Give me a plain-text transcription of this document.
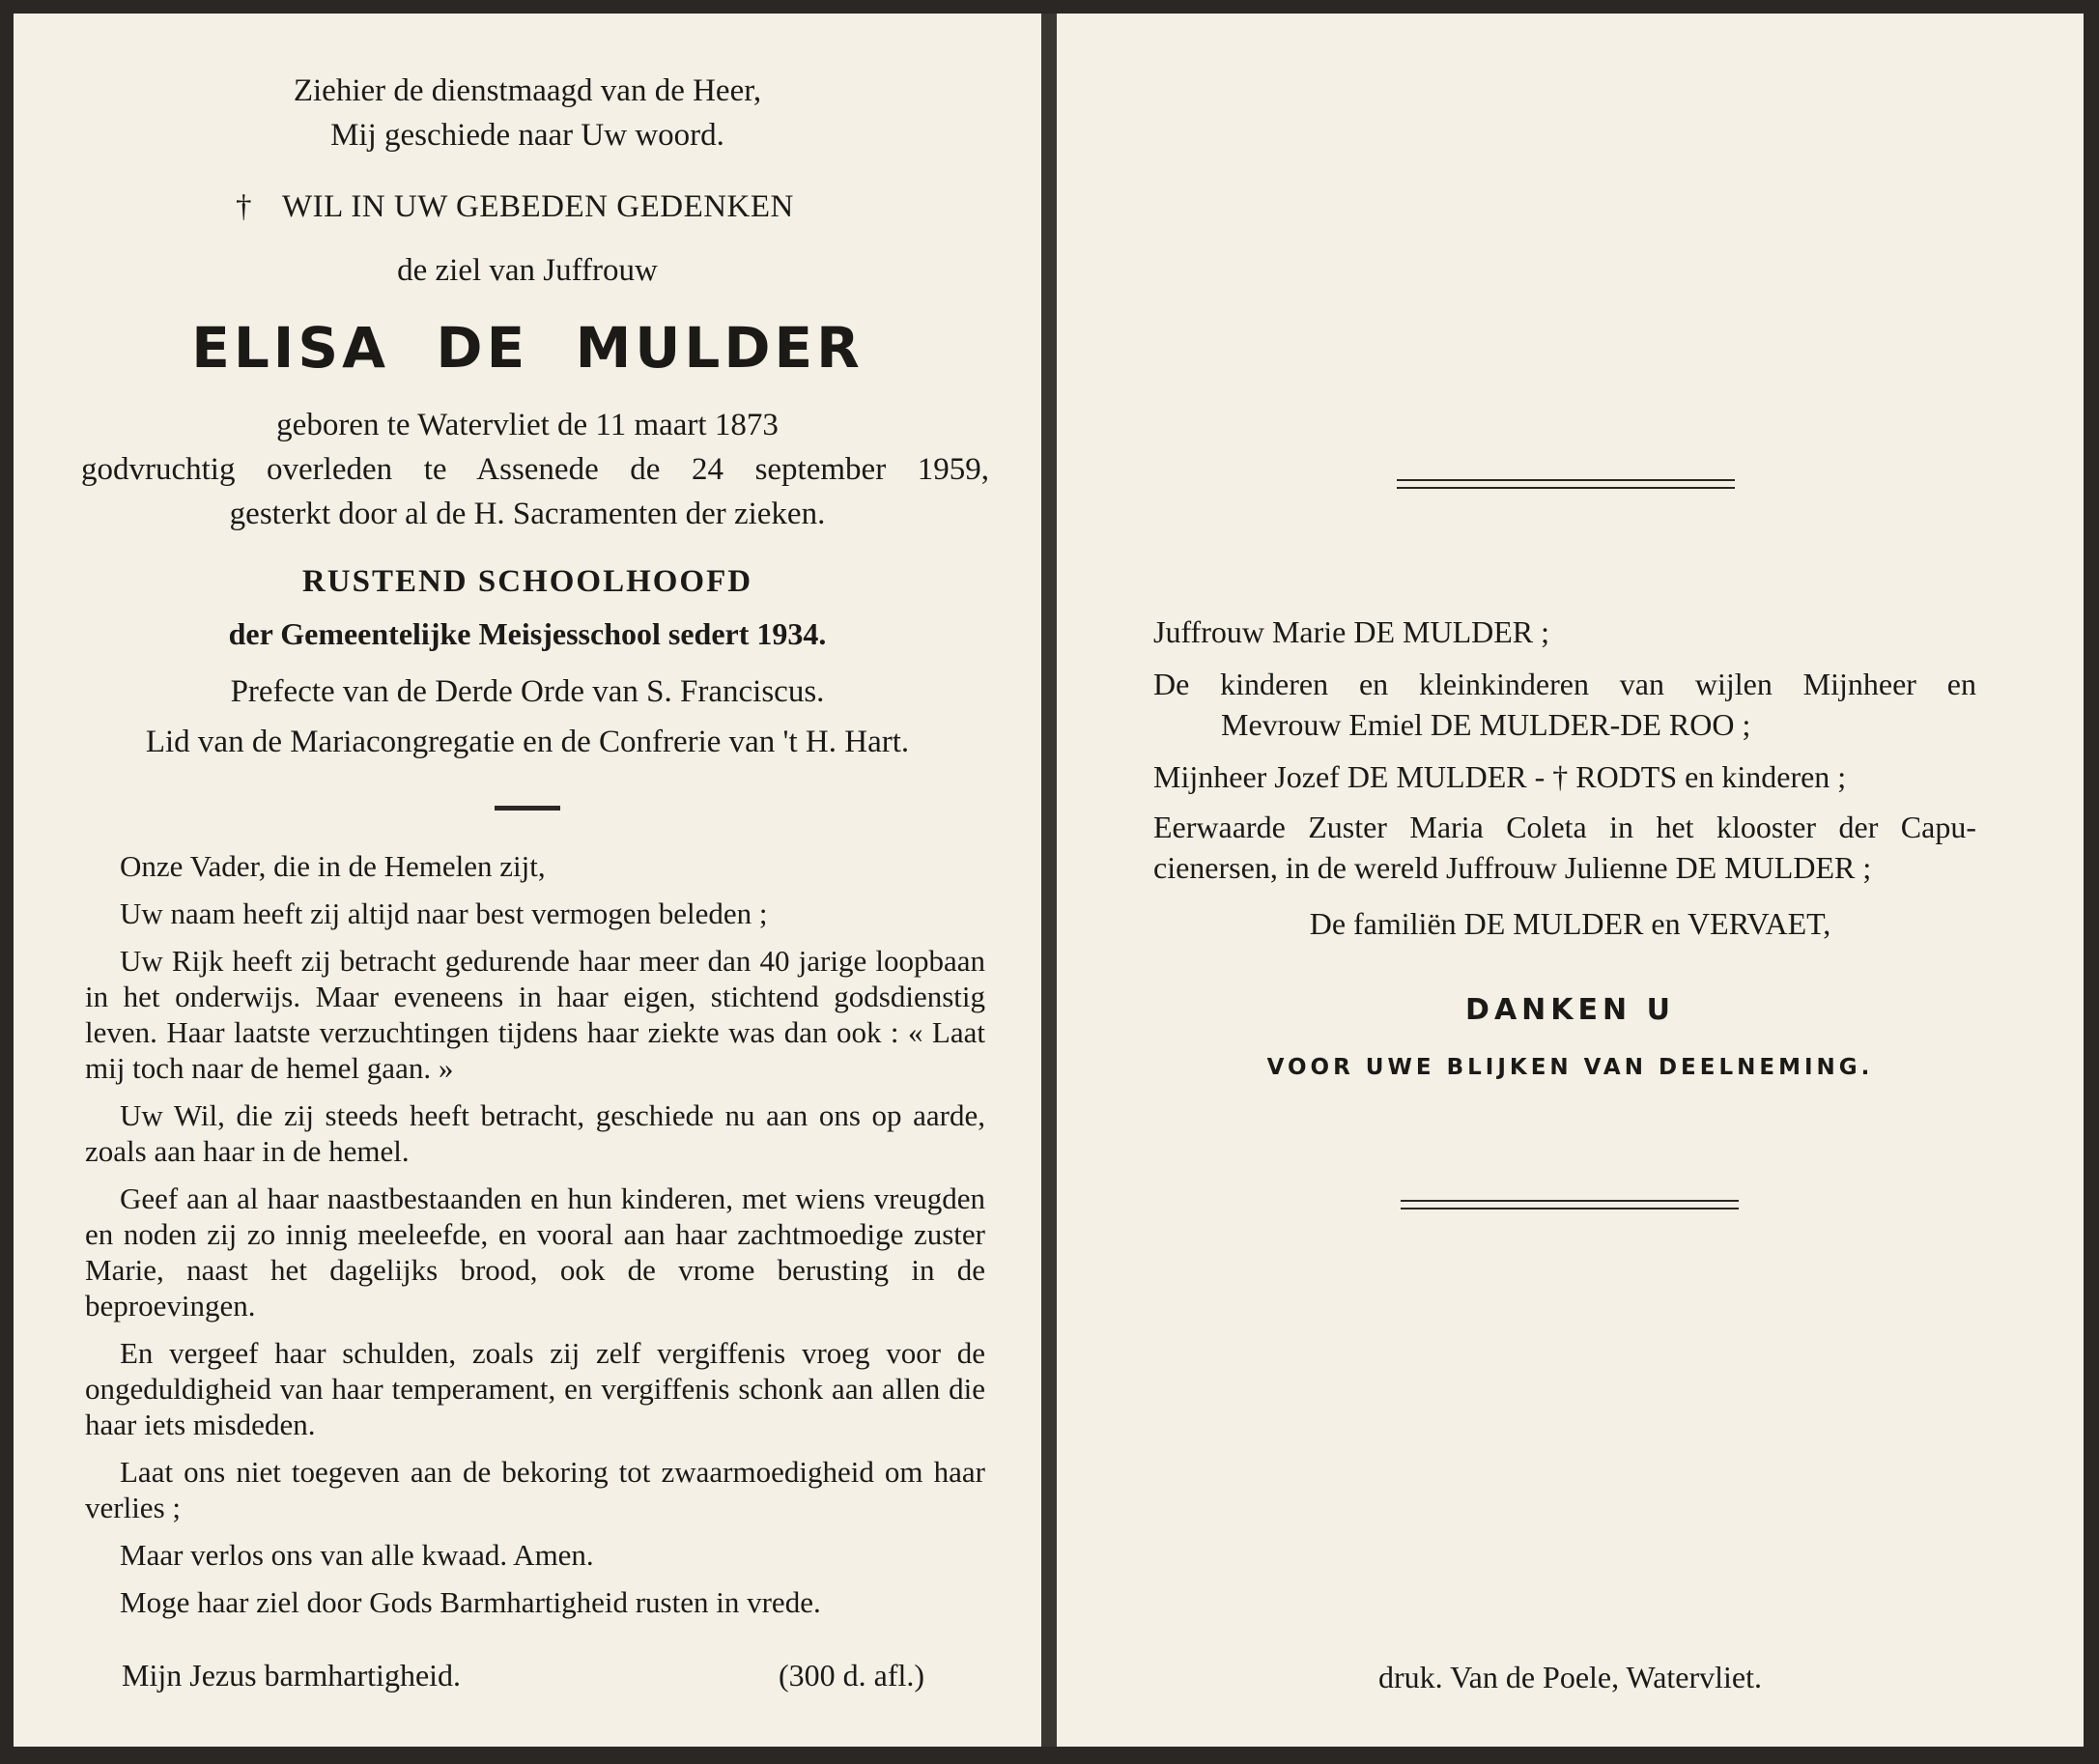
Ziehier de dienstmaagd van de Heer,
Mij geschiede naar Uw woord.
† WIL IN UW GEBEDEN GEDENKEN
de ziel van Juffrouw
ELISA  DE  MULDER
geboren te Watervliet de 11 maart 1873
godvruchtig overleden te Assenede de 24 september 1959,
gesterkt door al de H. Sacramenten der zieken.
RUSTEND SCHOOLHOOFD
der Gemeentelijke Meisjesschool sedert 1934.
Prefecte van de Derde Orde van S. Franciscus.
Lid van de Mariacongregatie en de Confrerie van 't H. Hart.

Onze Vader, die in de Hemelen zijt,

Uw naam heeft zij altijd naar best vermogen beleden ;

Uw Rijk heeft zij betracht gedurende haar meer dan 40 jarige loopbaan in het onderwijs. Maar eveneens in haar eigen, stichtend godsdienstig leven. Haar laatste verzuchtingen tijdens haar ziekte was dan ook : « Laat mij toch naar de hemel gaan. »

Uw Wil, die zij steeds heeft betracht, geschiede nu aan ons op aarde, zoals aan haar in de hemel.

Geef aan al haar naastbestaanden en hun kinderen, met wiens vreugden en noden zij zo innig meeleefde, en vooral aan haar zachtmoedige zuster Marie, naast het dagelijks brood, ook de vrome berusting in de beproevingen.

En vergeef haar schulden, zoals zij zelf vergiffenis vroeg voor de ongeduldigheid van haar temperament, en vergiffenis schonk aan allen die haar iets misdeden.

Laat ons niet toegeven aan de bekoring tot zwaarmoedigheid om haar verlies ;

Maar verlos ons van alle kwaad. Amen.

Moge haar ziel door Gods Barmhartigheid rusten in vrede.

Mijn Jezus barmhartigheid.	(300 d. afl.)
Juffrouw Marie DE MULDER ;
De kinderen en kleinkinderen van wijlen Mijnheer en
Mevrouw Emiel DE MULDER-DE ROO ;
Mijnheer Jozef DE MULDER - † RODTS en kinderen ;
Eerwaarde Zuster Maria Coleta in het klooster der Capu-
cienersen, in de wereld Juffrouw Julienne DE MULDER ;
De familiën DE MULDER en VERVAET,
DANKEN U
VOOR UWE BLIJKEN VAN DEELNEMING.
druk. Van de Poele, Watervliet.
